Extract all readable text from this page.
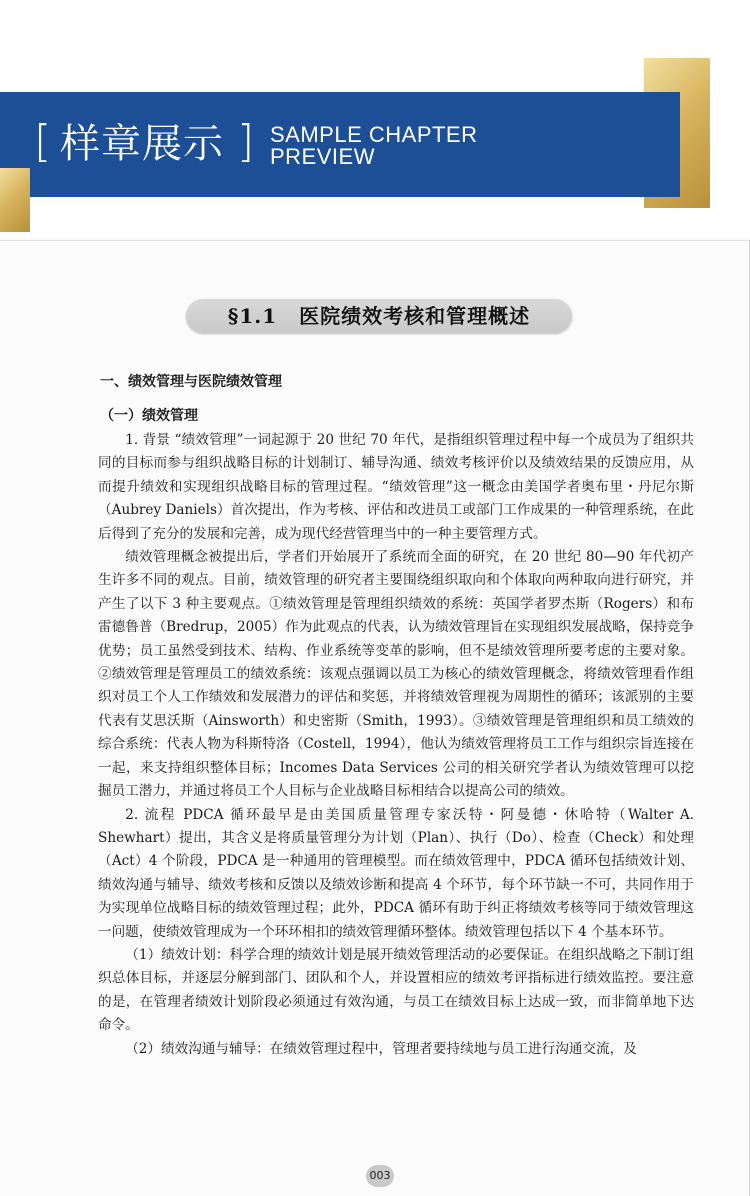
[ 样章展示 ] SAMPLE CHAPTER
PREVIEW
§1.1 医院绩效考核和管理概述
一、绩效管理与医院绩效管理
（一）绩效管理

1. 背景 “绩效管理”一词起源于 20 世纪 70 年代，是指组织管理过程中每一个成员为了组织共同的目标而参与组织战略目标的计划制订、辅导沟通、绩效考核评价以及绩效结果的反馈应用，从而提升绩效和实现组织战略目标的管理过程。“绩效管理”这一概念由美国学者奥布里・丹尼尔斯（Aubrey Daniels）首次提出，作为考核、评估和改进员工或部门工作成果的一种管理系统，在此后得到了充分的发展和完善，成为现代经营管理当中的一种主要管理方式。

绩效管理概念被提出后，学者们开始展开了系统而全面的研究，在 20 世纪 80—90 年代初产生许多不同的观点。目前，绩效管理的研究者主要围绕组织取向和个体取向两种取向进行研究，并产生了以下 3 种主要观点。①绩效管理是管理组织绩效的系统：英国学者罗杰斯（Rogers）和布雷德鲁普（Bredrup，2005）作为此观点的代表，认为绩效管理旨在实现组织发展战略，保持竞争优势；员工虽然受到技术、结构、作业系统等变革的影响，但不是绩效管理所要考虑的主要对象。②绩效管理是管理员工的绩效系统：该观点强调以员工为核心的绩效管理概念，将绩效管理看作组织对员工个人工作绩效和发展潜力的评估和奖惩，并将绩效管理视为周期性的循环；该派别的主要代表有艾思沃斯（Ainsworth）和史密斯（Smith，1993）。③绩效管理是管理组织和员工绩效的综合系统：代表人物为科斯特洛（Costell，1994），他认为绩效管理将员工工作与组织宗旨连接在一起，来支持组织整体目标；Incomes Data Services 公司的相关研究学者认为绩效管理可以挖掘员工潜力，并通过将员工个人目标与企业战略目标相结合以提高公司的绩效。

2. 流程 PDCA 循环最早是由美国质量管理专家沃特・阿曼德・休哈特（Walter A. Shewhart）提出，其含义是将质量管理分为计划（Plan）、执行（Do）、检查（Check）和处理（Act）4 个阶段，PDCA 是一种通用的管理模型。而在绩效管理中，PDCA 循环包括绩效计划、绩效沟通与辅导、绩效考核和反馈以及绩效诊断和提高 4 个环节，每个环节缺一不可，共同作用于为实现单位战略目标的绩效管理过程；此外，PDCA 循环有助于纠正将绩效考核等同于绩效管理这一问题，使绩效管理成为一个环环相扣的绩效管理循环整体。绩效管理包括以下 4 个基本环节。

（1）绩效计划：科学合理的绩效计划是展开绩效管理活动的必要保证。在组织战略之下制订组织总体目标，并逐层分解到部门、团队和个人，并设置相应的绩效考评指标进行绩效监控。要注意的是，在管理者绩效计划阶段必须通过有效沟通，与员工在绩效目标上达成一致，而非简单地下达命令。

（2）绩效沟通与辅导：在绩效管理过程中，管理者要持续地与员工进行沟通交流，及

003
